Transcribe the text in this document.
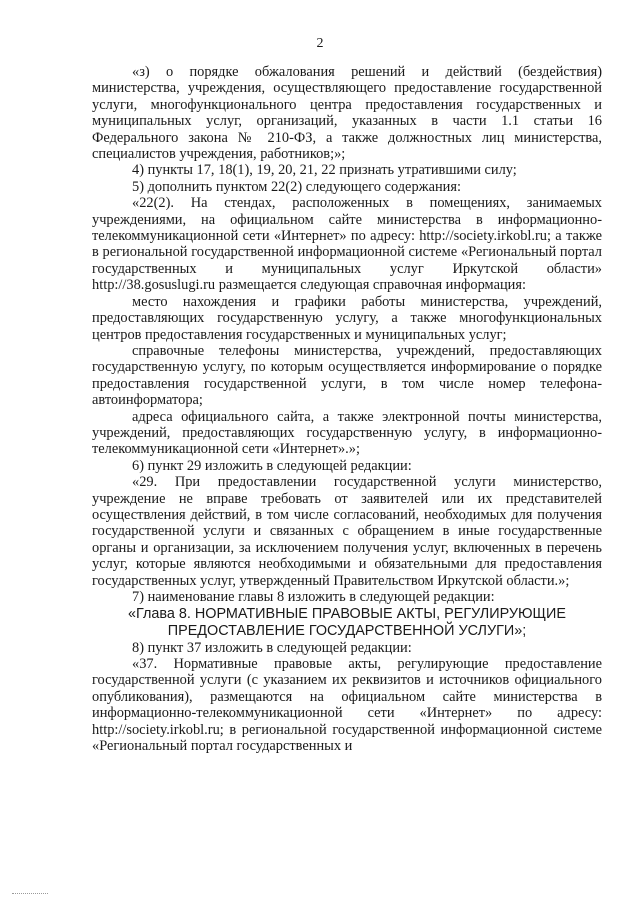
2

«з) о порядке обжалования решений и действий (бездействия) министерства, учреждения, осуществляющего предоставление государственной услуги, многофункционального центра предоставления государственных и муниципальных услуг, организаций, указанных в части 1.1 статьи 16 Федерального закона № 210-ФЗ, а также должностных лиц министерства, специалистов учреждения, работников;»;

4) пункты 17, 18(1), 19, 20, 21, 22 признать утратившими силу;

5) дополнить пунктом 22(2) следующего содержания:

«22(2). На стендах, расположенных в помещениях, занимаемых учреждениями, на официальном сайте министерства в информационно-телекоммуникационной сети «Интернет» по адресу: http://society.irkobl.ru; а также в региональной государственной информационной системе «Региональный портал государственных и муниципальных услуг Иркутской области» http://38.gosuslugi.ru размещается следующая справочная информация:

место нахождения и графики работы министерства, учреждений, предоставляющих государственную услугу, а также многофункциональных центров предоставления государственных и муниципальных услуг;

справочные телефоны министерства, учреждений, предоставляющих государственную услугу, по которым осуществляется информирование о порядке предоставления государственной услуги, в том числе номер телефона-автоинформатора;

адреса официального сайта, а также электронной почты министерства, учреждений, предоставляющих государственную услугу, в информационно-телекоммуникационной сети «Интернет».»;

6) пункт 29 изложить в следующей редакции:

«29. При предоставлении государственной услуги министерство, учреждение не вправе требовать от заявителей или их представителей осуществления действий, в том числе согласований, необходимых для получения государственной услуги и связанных с обращением в иные государственные органы и организации, за исключением получения услуг, включенных в перечень услуг, которые являются необходимыми и обязательными для предоставления государственных услуг, утвержденный Правительством Иркутской области.»;

7) наименование главы 8 изложить в следующей редакции:

«Глава 8. НОРМАТИВНЫЕ ПРАВОВЫЕ АКТЫ, РЕГУЛИРУЮЩИЕ ПРЕДОСТАВЛЕНИЕ ГОСУДАРСТВЕННОЙ УСЛУГИ»;

8) пункт 37 изложить в следующей редакции:

«37. Нормативные правовые акты, регулирующие предоставление государственной услуги (с указанием их реквизитов и источников официального опубликования), размещаются на официальном сайте министерства в информационно-телекоммуникационной сети «Интернет» по адресу: http://society.irkobl.ru; в региональной государственной информационной системе «Региональный портал государственных и
